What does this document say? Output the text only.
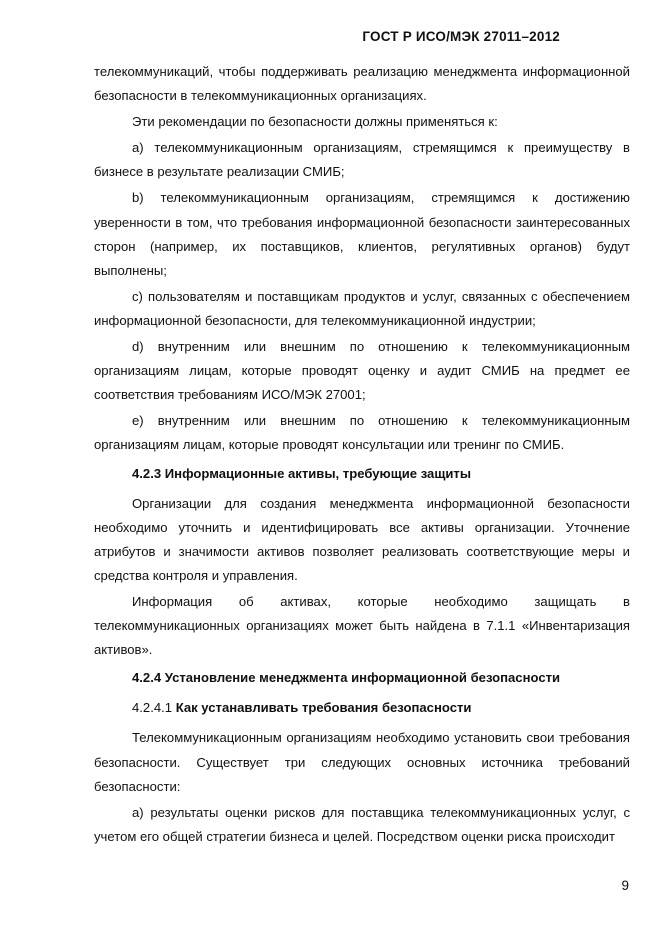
ГОСТ Р ИСО/МЭК 27011–2012

телекоммуникаций, чтобы поддерживать реализацию менеджмента информационной безопасности в телекоммуникационных организациях.

Эти рекомендации по безопасности должны применяться к:

а) телекоммуникационным организациям, стремящимся к преимуществу в бизнесе в результате реализации СМИБ;

b) телекоммуникационным организациям, стремящимся к достижению уверенности в том, что требования информационной безопасности заинтересованных сторон (например, их поставщиков, клиентов, регулятивных органов) будут выполнены;

с) пользователям и поставщикам продуктов и услуг, связанных с обеспечением информационной безопасности, для телекоммуникационной индустрии;

d) внутренним или внешним по отношению к телекоммуникационным организациям лицам, которые проводят оценку и аудит СМИБ на предмет ее соответствия требованиям ИСО/МЭК 27001;

е) внутренним или внешним по отношению к телекоммуникационным организациям лицам, которые проводят консультации или тренинг по СМИБ.

4.2.3 Информационные активы, требующие защиты

Организации для создания менеджмента информационной безопасности необходимо уточнить и идентифицировать все активы организации. Уточнение атрибутов и значимости активов позволяет реализовать соответствующие меры и средства контроля и управления.

Информация об активах, которые необходимо защищать в телекоммуникационных организациях может быть найдена в 7.1.1 «Инвентаризация активов».

4.2.4 Установление менеджмента информационной безопасности

4.2.4.1 Как устанавливать требования безопасности

Телекоммуникационным организациям необходимо установить свои требования безопасности. Существует три следующих основных источника требований безопасности:

а) результаты оценки рисков для поставщика телекоммуникационных услуг, с учетом его общей стратегии бизнеса и целей. Посредством оценки риска происходит

9
